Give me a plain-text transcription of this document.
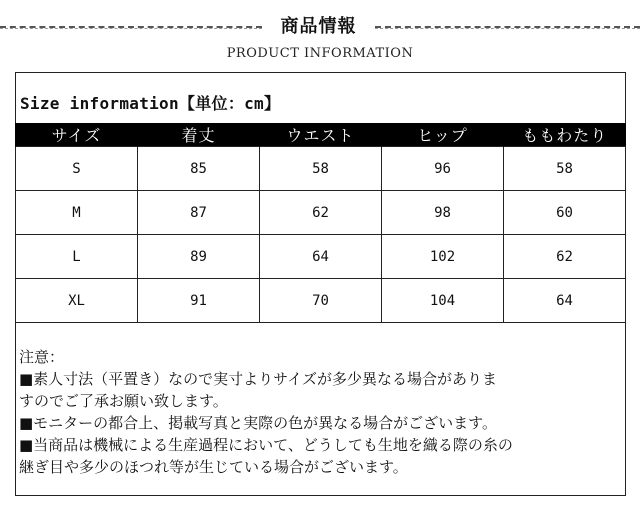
商品情報
PRODUCT INFORMATION
Size information【単位：cm】
サイズ	着丈	ウエスト	ヒップ	ももわたり
S	85	58	96	58
M	87	62	98	60
L	89	64	102	62
XL	91	70	104	64

注意：

■素人寸法（平置き）なので実寸よりサイズが多少異なる場合がありま

すのでご了承お願い致します。

■モニターの都合上、掲載写真と実際の色が異なる場合がございます。

■当商品は機械による生産過程において、どうしても生地を織る際の糸の

継ぎ目や多少のほつれ等が生じている場合がございます。
